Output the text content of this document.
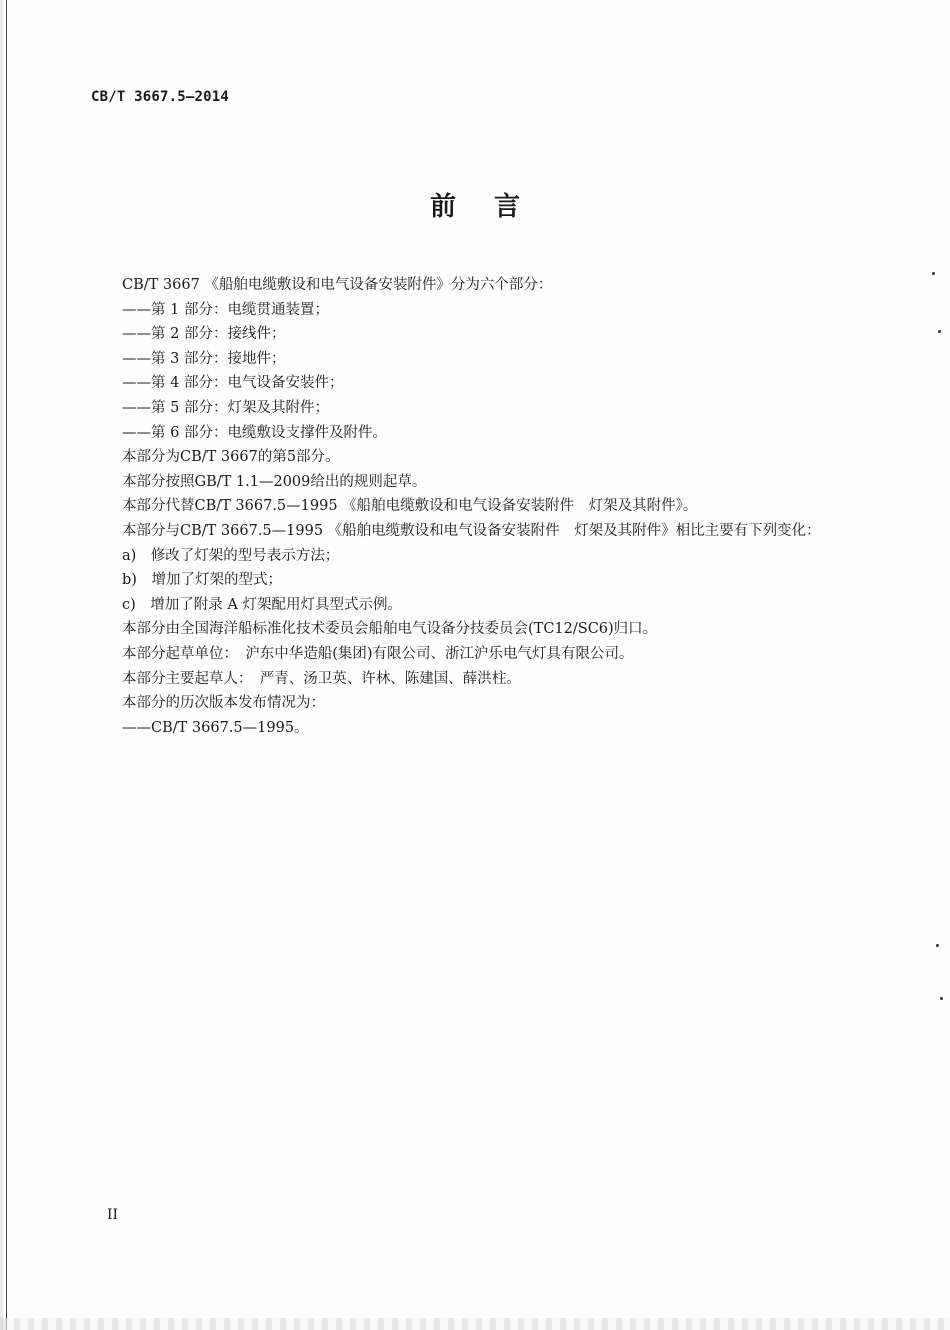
CB/T 3667.5—2014
前言

CB/T 3667 《船舶电缆敷设和电气设备安装附件》分为六个部分：

——第 1 部分：电缆贯通装置；

——第 2 部分：接线件；

——第 3 部分：接地件；

——第 4 部分：电气设备安装件；

——第 5 部分：灯架及其附件；

——第 6 部分：电缆敷设支撑件及附件。

本部分为CB/T 3667的第5部分。

本部分按照GB/T 1.1—2009给出的规则起草。

本部分代替CB/T 3667.5—1995 《船舶电缆敷设和电气设备安装附件　灯架及其附件》。

本部分与CB/T 3667.5—1995 《船舶电缆敷设和电气设备安装附件　灯架及其附件》相比主要有下列变化：

a)　修改了灯架的型号表示方法；

b)　增加了灯架的型式；

c)　增加了附录 A 灯架配用灯具型式示例。

本部分由全国海洋船标准化技术委员会船舶电气设备分技委员会(TC12/SC6)归口。

本部分起草单位：　沪东中华造船(集团)有限公司、浙江沪乐电气灯具有限公司。

本部分主要起草人：　严青、汤卫英、许林、陈建国、薛洪柱。

本部分的历次版本发布情况为：

——CB/T 3667.5—1995。

II
